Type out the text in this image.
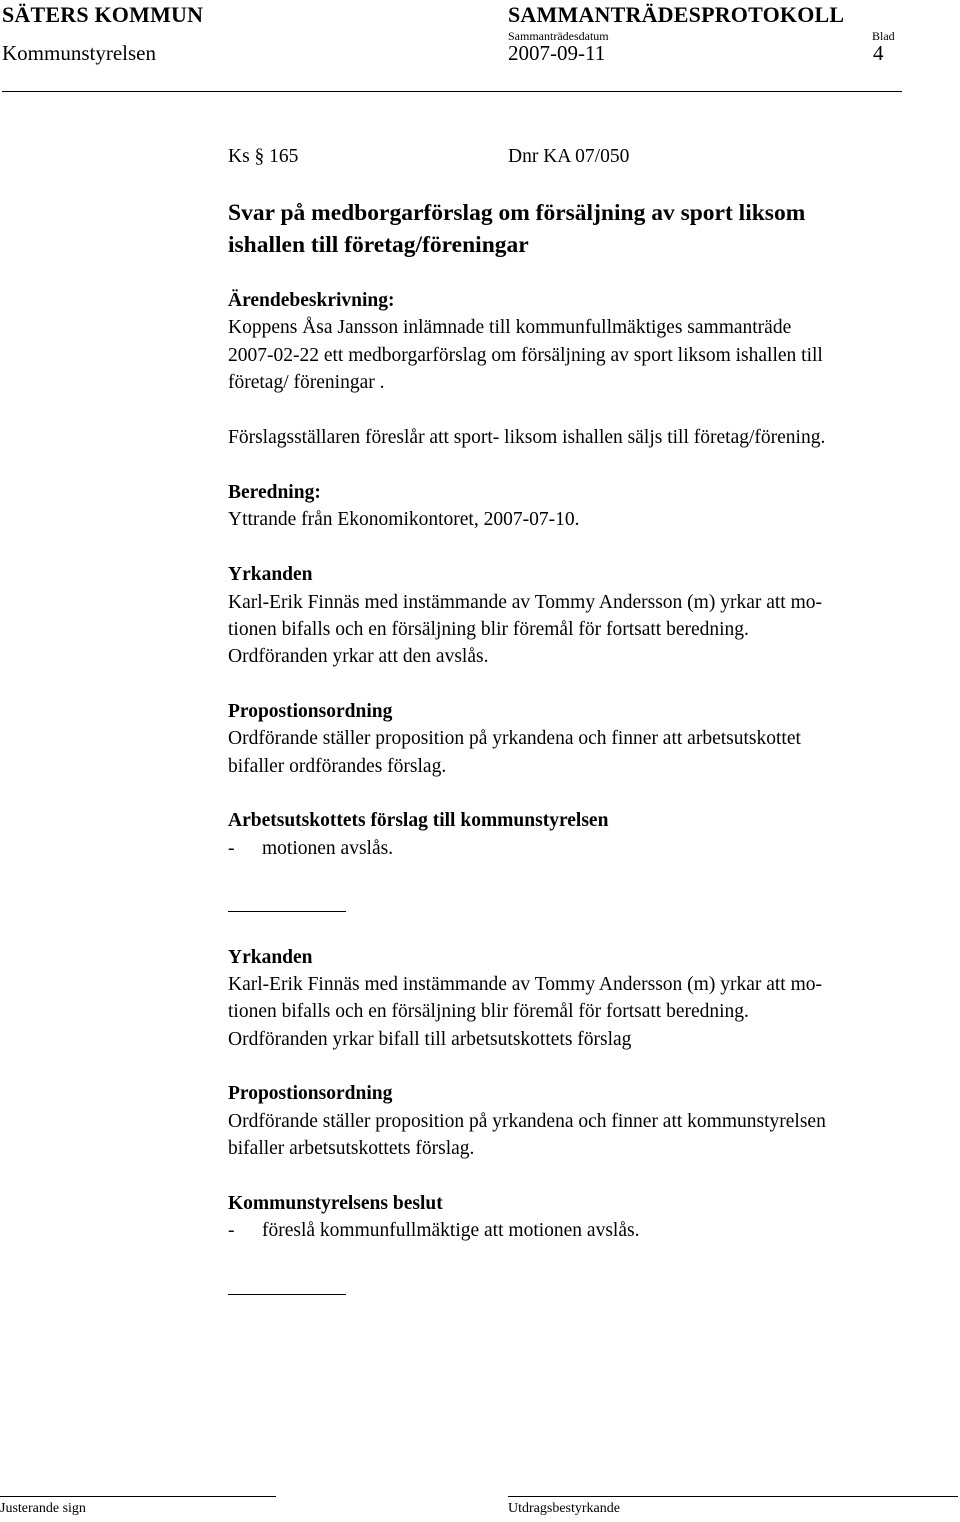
SÄTERS KOMMUN	SAMMANTRÄDESPROTOKOLL
Sammanträdesdatum	Blad
Kommunstyrelsen	2007-09-11	4
Ks § 165	Dnr KA 07/050
Svar på medborgarförslag om försäljning av sport liksom
ishallen till företag/föreningar
Ärendebeskrivning:
Koppens Åsa Jansson inlämnade till kommunfullmäktiges sammanträde
2007-02-22 ett medborgarförslag om försäljning av sport liksom ishallen till
företag/ föreningar .
Förslagsställaren föreslår att sport- liksom ishallen säljs till företag/förening.
Beredning:
Yttrande från Ekonomikontoret, 2007-07-10.
Yrkanden
Karl-Erik Finnäs med instämmande av Tommy Andersson (m) yrkar att mo-
tionen bifalls och en försäljning blir föremål för fortsatt beredning.
Ordföranden yrkar att den avslås.
Propostionsordning
Ordförande ställer proposition på yrkandena och finner att arbetsutskottet
bifaller ordförandes förslag.
Arbetsutskottets förslag till kommunstyrelsen
- motionen avslås.
Yrkanden
Karl-Erik Finnäs med instämmande av Tommy Andersson (m) yrkar att mo-
tionen bifalls och en försäljning blir föremål för fortsatt beredning.
Ordföranden yrkar bifall till arbetsutskottets förslag
Propostionsordning
Ordförande ställer proposition på yrkandena och finner att kommunstyrelsen
bifaller arbetsutskottets förslag.
Kommunstyrelsens beslut
- föreslå kommunfullmäktige att motionen avslås.
Justerande sign	Utdragsbestyrkande
